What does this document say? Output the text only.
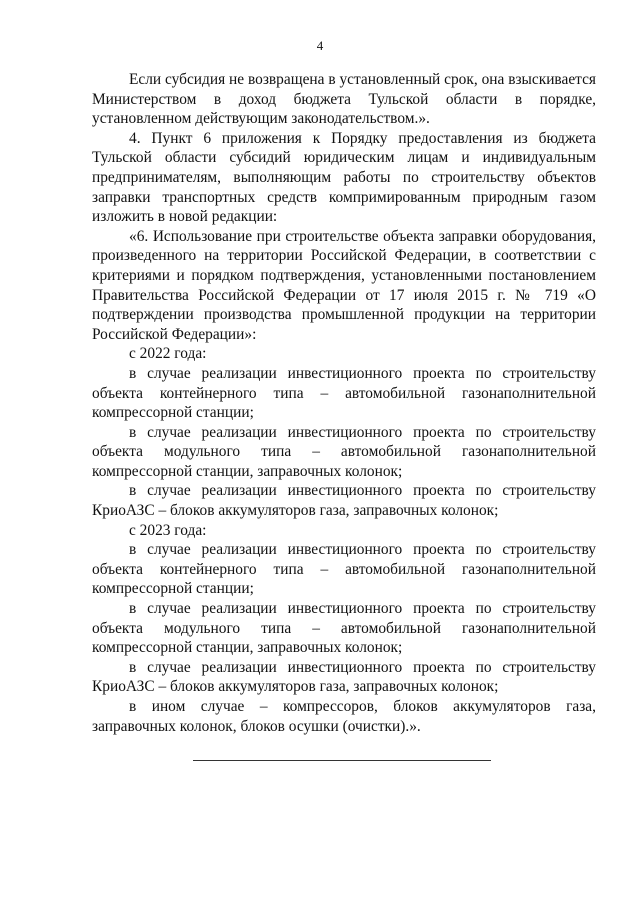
4

Если субсидия не возвращена в установленный срок, она взыскивается Министерством в доход бюджета Тульской области в порядке, установленном действующим законодательством.».

4. Пункт 6 приложения к Порядку предоставления из бюджета Тульской области субсидий юридическим лицам и индивидуальным предпринимателям, выполняющим работы по строительству объектов заправки транспортных средств компримированным природным газом изложить в новой редакции:

«6. Использование при строительстве объекта заправки оборудования, произведенного на территории Российской Федерации, в соответствии с критериями и порядком подтверждения, установленными постановлением Правительства Российской Федерации от 17 июля 2015 г. № 719 «О подтверждении производства промышленной продукции на территории Российской Федерации»:

с 2022 года:

в случае реализации инвестиционного проекта по строительству объекта контейнерного типа – автомобильной газонаполнительной компрессорной станции;

в случае реализации инвестиционного проекта по строительству объекта модульного типа – автомобильной газонаполнительной компрессорной станции, заправочных колонок;

в случае реализации инвестиционного проекта по строительству КриоАЗС – блоков аккумуляторов газа, заправочных колонок;

с 2023 года:

в случае реализации инвестиционного проекта по строительству объекта контейнерного типа – автомобильной газонаполнительной компрессорной станции;

в случае реализации инвестиционного проекта по строительству объекта модульного типа – автомобильной газонаполнительной компрессорной станции, заправочных колонок;

в случае реализации инвестиционного проекта по строительству КриоАЗС – блоков аккумуляторов газа, заправочных колонок;

в ином случае – компрессоров, блоков аккумуляторов газа, заправочных колонок, блоков осушки (очистки).».
